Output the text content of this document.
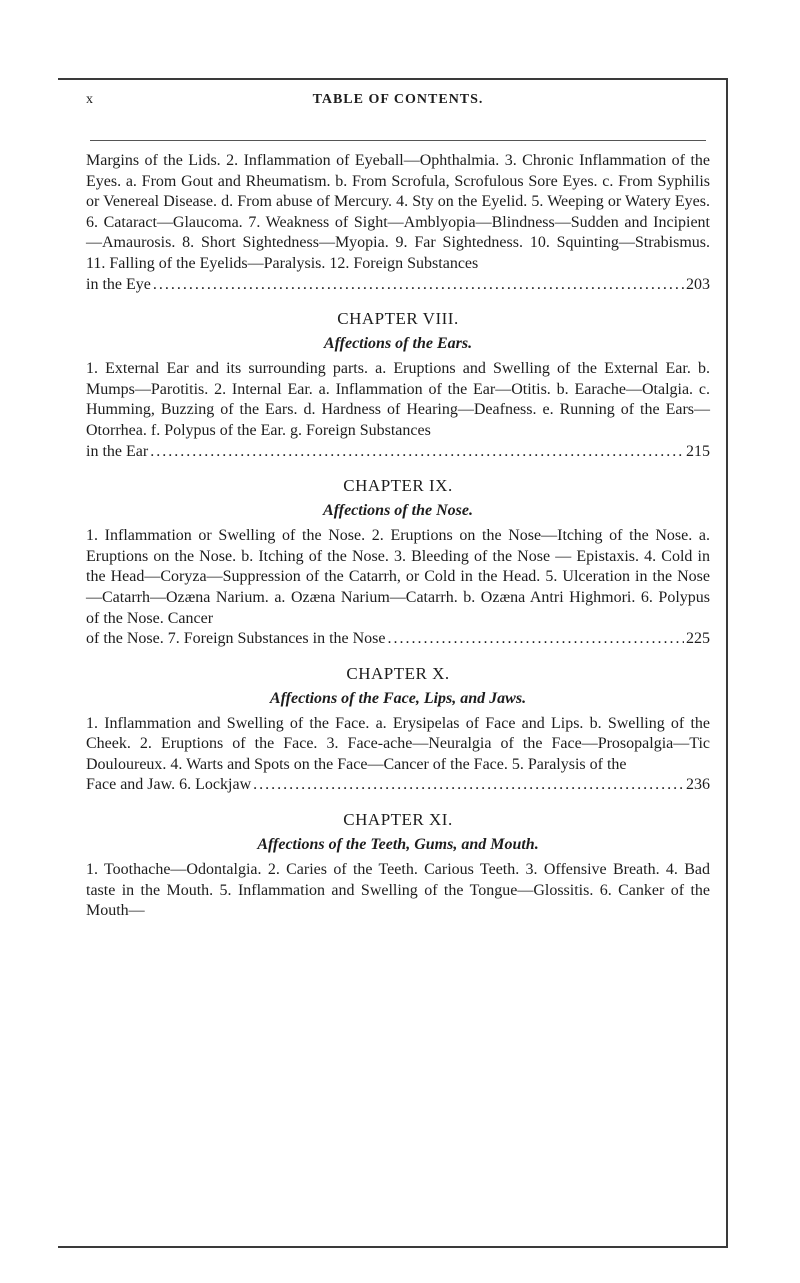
x	TABLE OF CONTENTS.

Margins of the Lids. 2. Inflammation of Eyeball—Ophthalmia. 3. Chronic Inflammation of the Eyes. a. From Gout and Rheumatism. b. From Scrofula, Scrofulous Sore Eyes. c. From Syphilis or Venereal Disease. d. From abuse of Mercury. 4. Sty on the Eyelid. 5. Weeping or Watery Eyes. 6. Cataract—Glaucoma. 7. Weakness of Sight—Amblyopia—Blindness—Sudden and Incipient—Amaurosis. 8. Short Sightedness—Myopia. 9. Far Sightedness. 10. Squinting—Strabismus. 11. Falling of the Eyelids—Paralysis. 12. Foreign Substances

in the Eye .....	203
CHAPTER VIII.
Affections of the Ears.

1. External Ear and its surrounding parts. a. Eruptions and Swelling of the External Ear. b. Mumps—Parotitis. 2. Internal Ear. a. Inflammation of the Ear—Otitis. b. Earache—Otalgia. c. Humming, Buzzing of the Ears. d. Hardness of Hearing—Deafness. e. Running of the Ears—Otorrhea. f. Polypus of the Ear. g. Foreign Substances

in the Ear .....	215
CHAPTER IX.
Affections of the Nose.

1. Inflammation or Swelling of the Nose. 2. Eruptions on the Nose—Itching of the Nose. a. Eruptions on the Nose. b. Itching of the Nose. 3. Bleeding of the Nose — Epistaxis. 4. Cold in the Head—Coryza—Suppression of the Catarrh, or Cold in the Head. 5. Ulceration in the Nose—Catarrh—Ozæna Narium. a. Ozæna Narium—Catarrh. b. Ozæna Antri Highmori. 6. Polypus of the Nose. Cancer

of the Nose. 7. Foreign Substances in the Nose .....	225
CHAPTER X.
Affections of the Face, Lips, and Jaws.

1. Inflammation and Swelling of the Face. a. Erysipelas of Face and Lips. b. Swelling of the Cheek. 2. Eruptions of the Face. 3. Face-ache—Neuralgia of the Face—Prosopalgia—Tic Douloureux. 4. Warts and Spots on the Face—Cancer of the Face. 5. Paralysis of the

Face and Jaw. 6. Lockjaw .....	236
CHAPTER XI.
Affections of the Teeth, Gums, and Mouth.

1. Toothache—Odontalgia. 2. Caries of the Teeth. Carious Teeth. 3. Offensive Breath. 4. Bad taste in the Mouth. 5. Inflammation and Swelling of the Tongue—Glossitis. 6. Canker of the Mouth—
